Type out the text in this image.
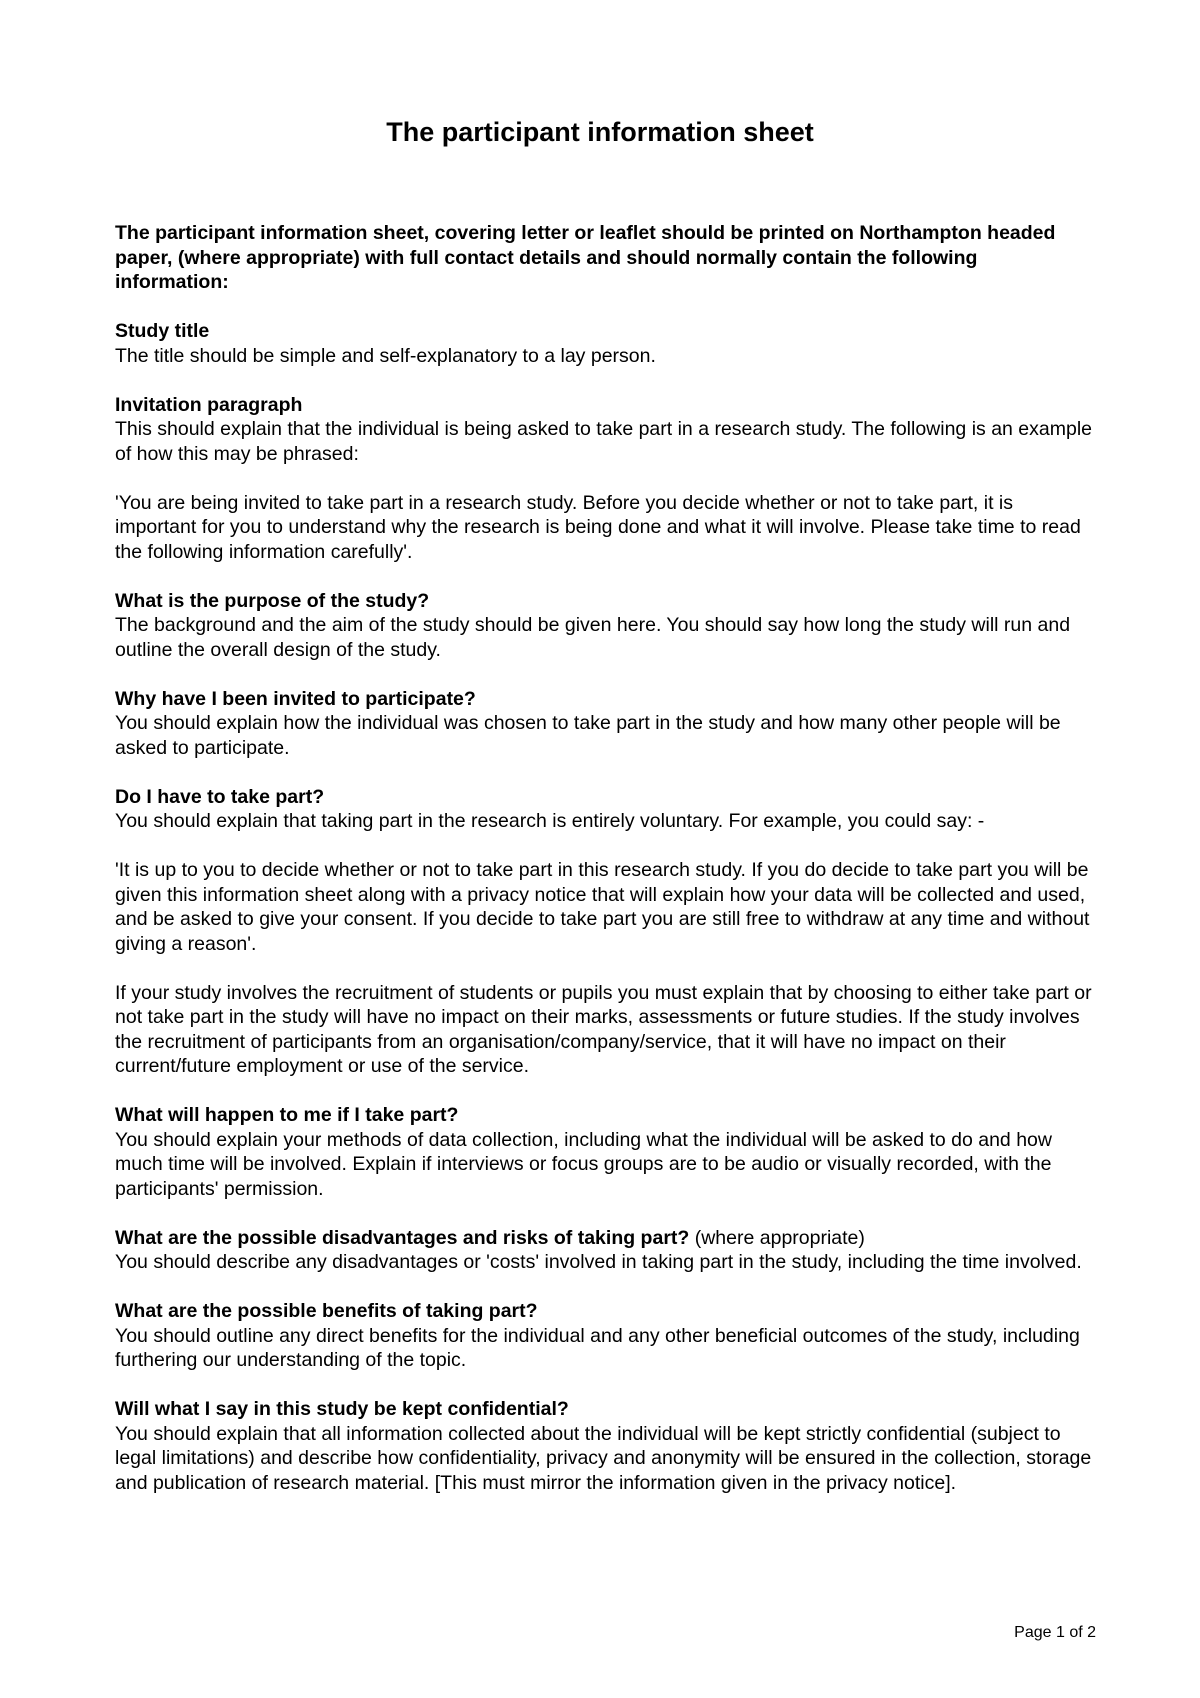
The participant information sheet

The participant information sheet, covering letter or leaflet should be printed on Northampton headed paper, (where appropriate) with full contact details and should normally contain the following information:

Study title

The title should be simple and self-explanatory to a lay person.

Invitation paragraph

This should explain that the individual is being asked to take part in a research study. The following is an example of how this may be phrased:

'You are being invited to take part in a research study. Before you decide whether or not to take part, it is important for you to understand why the research is being done and what it will involve. Please take time to read the following information carefully'.

What is the purpose of the study?

The background and the aim of the study should be given here. You should say how long the study will run and outline the overall design of the study.

Why have I been invited to participate?

You should explain how the individual was chosen to take part in the study and how many other people will be asked to participate.

Do I have to take part?

You should explain that taking part in the research is entirely voluntary. For example, you could say: -

'It is up to you to decide whether or not to take part in this research study. If you do decide to take part you will be given this information sheet along with a privacy notice that will explain how your data will be collected and used, and be asked to give your consent. If you decide to take part you are still free to withdraw at any time and without giving a reason'.

If your study involves the recruitment of students or pupils you must explain that by choosing to either take part or not take part in the study will have no impact on their marks, assessments or future studies. If the study involves the recruitment of participants from an organisation/company/service, that it will have no impact on their current/future employment or use of the service.

What will happen to me if I take part?

You should explain your methods of data collection, including what the individual will be asked to do and how much time will be involved. Explain if interviews or focus groups are to be audio or visually recorded, with the participants' permission.

What are the possible disadvantages and risks of taking part? (where appropriate)

You should describe any disadvantages or 'costs' involved in taking part in the study, including the time involved.

What are the possible benefits of taking part?

You should outline any direct benefits for the individual and any other beneficial outcomes of the study, including furthering our understanding of the topic.

Will what I say in this study be kept confidential?

You should explain that all information collected about the individual will be kept strictly confidential (subject to legal limitations) and describe how confidentiality, privacy and anonymity will be ensured in the collection, storage and publication of research material. [This must mirror the information given in the privacy notice].

Page 1 of 2
